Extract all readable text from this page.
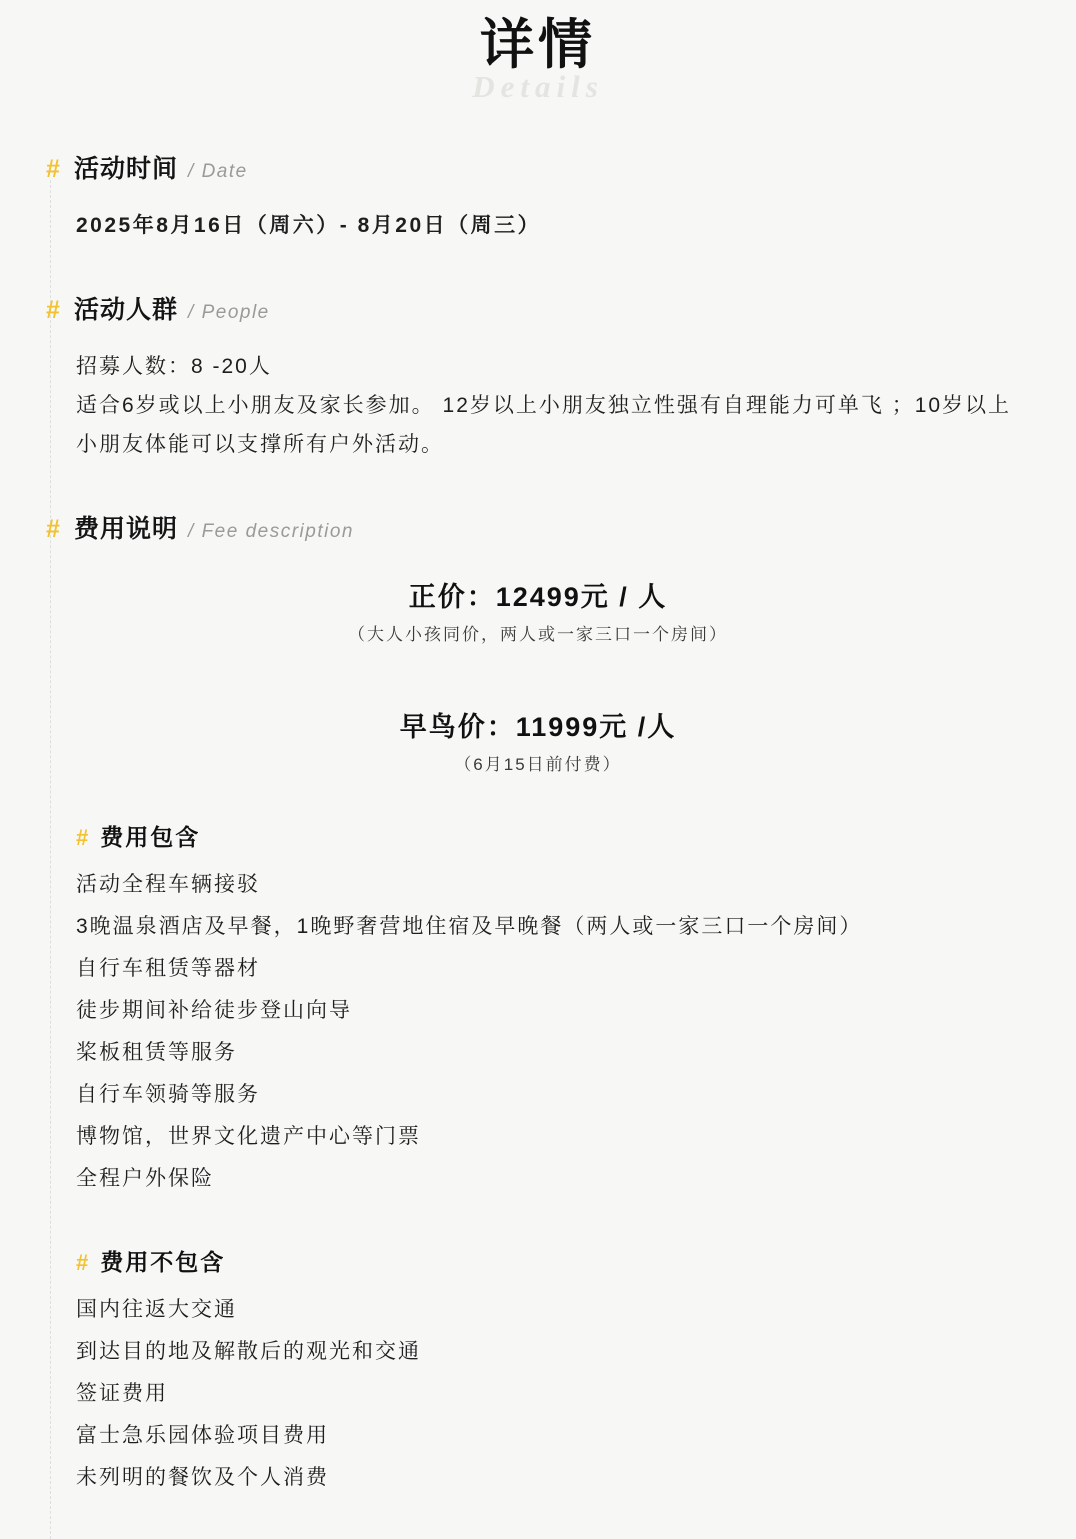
详情
Details
# 活动时间 / Date

2025年8月16日（周六）- 8月20日（周三）

# 活动人群 / People

招募人数：8 -20人

适合6岁或以上小朋友及家长参加。 12岁以上小朋友独立性强有自理能力可单飞 ；10岁以上小朋友体能可以支撑所有户外活动。

# 费用说明 / Fee description
正价：12499元 / 人
（大人小孩同价，两人或一家三口一个房间）
早鸟价：11999元 /人
（6月15日前付费）
# 费用包含
活动全程车辆接驳
3晚温泉酒店及早餐，1晚野奢营地住宿及早晚餐（两人或一家三口一个房间）
自行车租赁等器材
徒步期间补给徒步登山向导
桨板租赁等服务
自行车领骑等服务
博物馆，世界文化遗产中心等门票
全程户外保险
# 费用不包含
国内往返大交通
到达目的地及解散后的观光和交通
签证费用
富士急乐园体验项目费用
未列明的餐饮及个人消费
